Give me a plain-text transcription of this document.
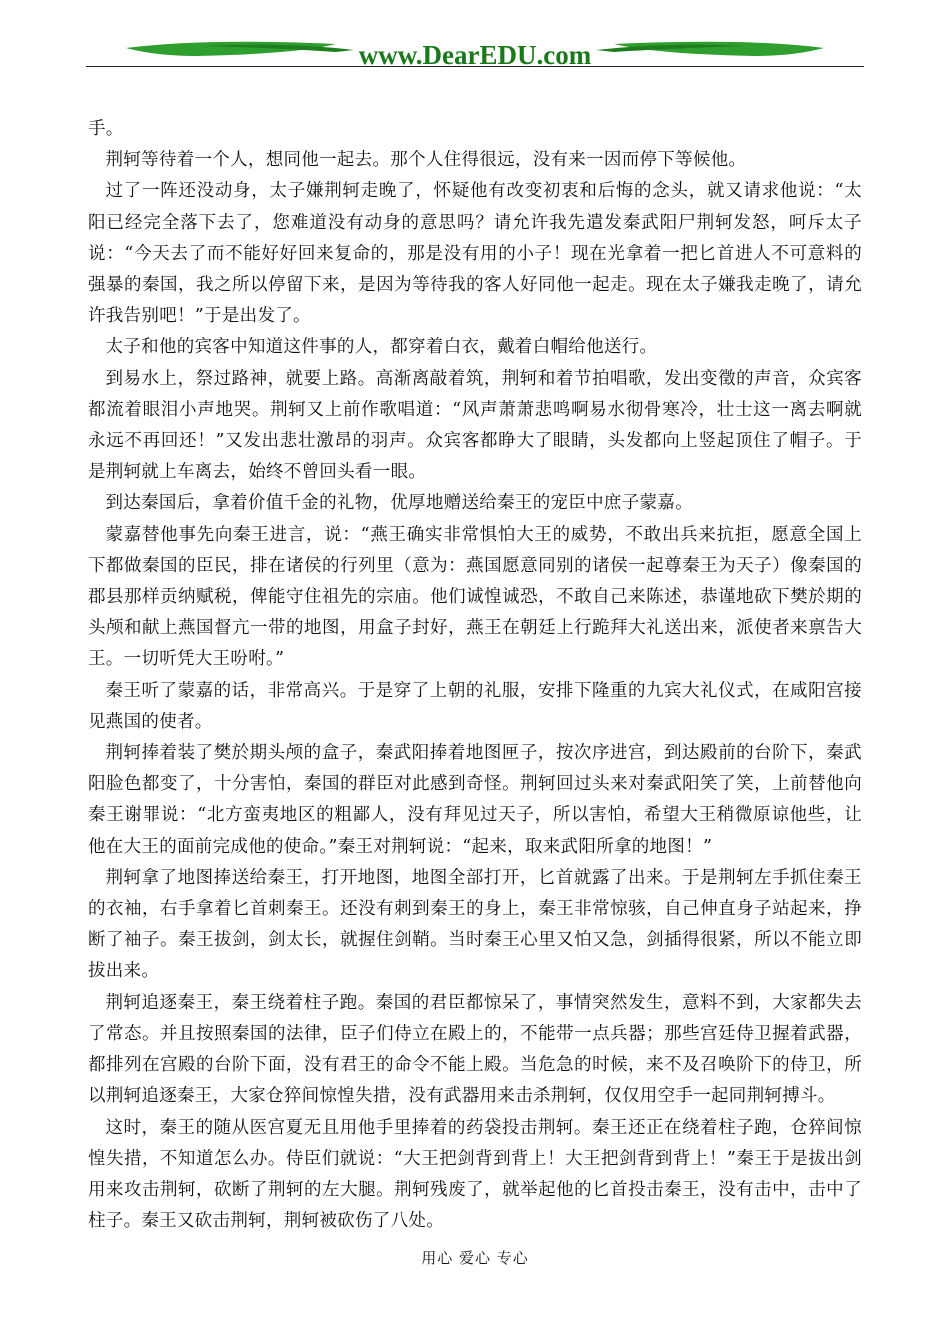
www.DearEDU.com

手。

荆轲等待着一个人，想同他一起去。那个人住得很远，没有来一因而停下等候他。

过了一阵还没动身，太子嫌荆轲走晚了，怀疑他有改变初衷和后悔的念头，就又请求他说：“太阳已经完全落下去了，您难道没有动身的意思吗？请允许我先遣发秦武阳尸荆轲发怒，呵斥太子说：“今天去了而不能好好回来复命的，那是没有用的小子！现在光拿着一把匕首进人不可意料的强暴的秦国，我之所以停留下来，是因为等待我的客人好同他一起走。现在太子嫌我走晚了，请允许我告别吧！”于是出发了。

太子和他的宾客中知道这件事的人，都穿着白衣，戴着白帽给他送行。

到易水上，祭过路神，就要上路。高渐离敲着筑，荆轲和着节拍唱歌，发出变徵的声音，众宾客都流着眼泪小声地哭。荆轲又上前作歌唱道：“风声萧萧悲鸣啊易水彻骨寒冷，壮士这一离去啊就永远不再回还！”又发出悲壮激昂的羽声。众宾客都睁大了眼睛，头发都向上竖起顶住了帽子。于是荆轲就上车离去，始终不曾回头看一眼。

到达秦国后，拿着价值千金的礼物，优厚地赠送给秦王的宠臣中庶子蒙嘉。

蒙嘉替他事先向秦王进言，说：“燕王确实非常惧怕大王的威势，不敢出兵来抗拒，愿意全国上下都做秦国的臣民，排在诸侯的行列里（意为：燕国愿意同别的诸侯一起尊秦王为天子）像秦国的郡县那样贡纳赋税，俾能守住祖先的宗庙。他们诚惶诚恐，不敢自己来陈述，恭谨地砍下樊於期的头颅和献上燕国督亢一带的地图，用盒子封好，燕王在朝廷上行跪拜大礼送出来，派使者来禀告大王。一切听凭大王吩咐。”

秦王听了蒙嘉的话，非常高兴。于是穿了上朝的礼服，安排下隆重的九宾大礼仪式，在咸阳宫接见燕国的使者。

荆轲捧着装了樊於期头颅的盒子，秦武阳捧着地图匣子，按次序进宫，到达殿前的台阶下，秦武阳脸色都变了，十分害怕，秦国的群臣对此感到奇怪。荆轲回过头来对秦武阳笑了笑，上前替他向秦王谢罪说：“北方蛮夷地区的粗鄙人，没有拜见过天子，所以害怕，希望大王稍微原谅他些，让他在大王的面前完成他的使命。”秦王对荆轲说：“起来，取来武阳所拿的地图！”

荆轲拿了地图捧送给秦王，打开地图，地图全部打开，匕首就露了出来。于是荆轲左手抓住秦王的衣袖，右手拿着匕首刺秦王。还没有刺到秦王的身上，秦王非常惊骇，自己伸直身子站起来，挣断了袖子。秦王拔剑，剑太长，就握住剑鞘。当时秦王心里又怕又急，剑插得很紧，所以不能立即拔出来。

荆轲追逐秦王，秦王绕着柱子跑。秦国的君臣都惊呆了，事情突然发生，意料不到，大家都失去了常态。并且按照秦国的法律，臣子们侍立在殿上的，不能带一点兵器；那些宫廷侍卫握着武器，都排列在宫殿的台阶下面，没有君王的命令不能上殿。当危急的时候，来不及召唤阶下的侍卫，所以荆轲追逐秦王，大家仓猝间惊惶失措，没有武器用来击杀荆轲，仅仅用空手一起同荆轲搏斗。

这时，秦王的随从医宫夏无且用他手里捧着的药袋投击荆轲。秦王还正在绕着柱子跑，仓猝间惊惶失措，不知道怎么办。侍臣们就说：“大王把剑背到背上！大王把剑背到背上！”秦王于是拔出剑用来攻击荆轲，砍断了荆轲的左大腿。荆轲残废了，就举起他的匕首投击秦王，没有击中，击中了柱子。秦王又砍击荆轲，荆轲被砍伤了八处。

用心 爱心 专心
